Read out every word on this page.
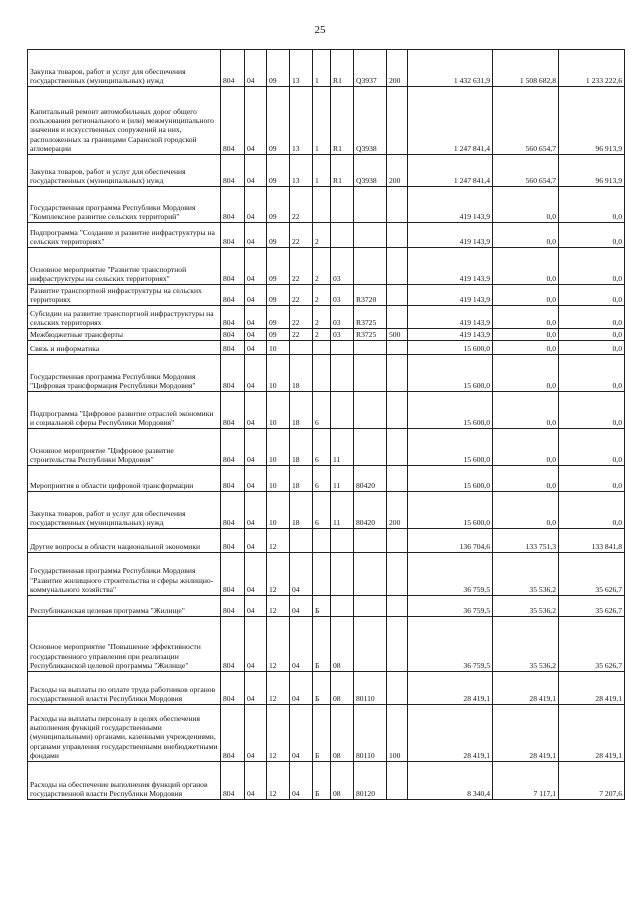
25
Закупка товаров, работ и услуг для обеспечения государственных (муниципальных) нужд	804	04	09	13	1	R1	Q3937	200	1 432 631,9	1 508 682,8	1 233 222,6
Капитальный ремонт автомобильных дорог общего пользования регионального и (или) межмуниципального значения и искусственных сооружений на них, расположенных за границами Саранской городской агломерации	804	04	09	13	1	R1	Q3938		1 247 841,4	560 654,7	96 913,9
Закупка товаров, работ и услуг для обеспечения государственных (муниципальных) нужд	804	04	09	13	1	R1	Q3938	200	1 247 841,4	560 654,7	96 913,9
Государственная программа Республики Мордовия "Комплексное развитие сельских территорий"	804	04	09	22					419 143,9	0,0	0,0
Подпрограмма "Создание и развитие инфраструктуры на сельских территориях"	804	04	09	22	2				419 143,9	0,0	0,0
Основное мероприятие "Развитие транспортной инфраструктуры на сельских территориях"	804	04	09	22	2	03			419 143,9	0,0	0,0
Развитие транспортной инфраструктуры на сельских территориях	804	04	09	22	2	03	R3720		419 143,9	0,0	0,0
Субсидии на развитие транспортной инфраструктуры на сельских территориях	804	04	09	22	2	03	R3725		419 143,9	0,0	0,0
Межбюджетные трансферты	804	04	09	22	2	03	R3725	500	419 143,9	0,0	0,0
Связь и информатика	804	04	10						15 600,0	0,0	0,0
Государственная программа Республики Мордовия "Цифровая трансформация Республики Мордовия"	804	04	10	18					15 600,0	0,0	0,0
Подпрограмма "Цифровое развитие отраслей экономики и социальной сферы Республики Мордовия"	804	04	10	18	6				15 600,0	0,0	0,0
Основное мероприятие "Цифровое развитие строительства Республики Мордовия"	804	04	10	18	6	11			15 600,0	0,0	0,0
Мероприятия в области цифровой трансформации	804	04	10	18	6	11	80420		15 600,0	0,0	0,0
Закупка товаров, работ и услуг для обеспечения государственных (муниципальных) нужд	804	04	10	18	6	11	80420	200	15 600,0	0,0	0,0
Другие вопросы в области национальной экономики	804	04	12						136 704,6	133 751,3	133 841,8
Государственная программа Республики Мордовия "Развитие жилищного строительства и сферы жилищно-коммунального хозяйства"	804	04	12	04					36 759,5	35 536,2	35 626,7
Республиканская целевая программа "Жилище"	804	04	12	04	Б				36 759,5	35 536,2	35 626,7
Основное мероприятие "Повышение эффективности государственного управления при реализации Республиканской целевой программы "Жилище"	804	04	12	04	Б	08			36 759,5	35 536,2	35 626,7
Расходы на выплаты по оплате труда работников органов государственной власти Республики Мордовия	804	04	12	04	Б	08	80110		28 419,1	28 419,1	28 419,1
Расходы на выплаты персоналу в целях обеспечения выполнения функций государственными (муниципальными) органами, казенными учреждениями, органами управления государственными внебюджетными фондами	804	04	12	04	Б	08	80110	100	28 419,1	28 419,1	28 419,1
Расходы на обеспечение выполнения функций органов государственной власти Республики Мордовия	804	04	12	04	Б	08	80120		8 340,4	7 117,1	7 207,6
